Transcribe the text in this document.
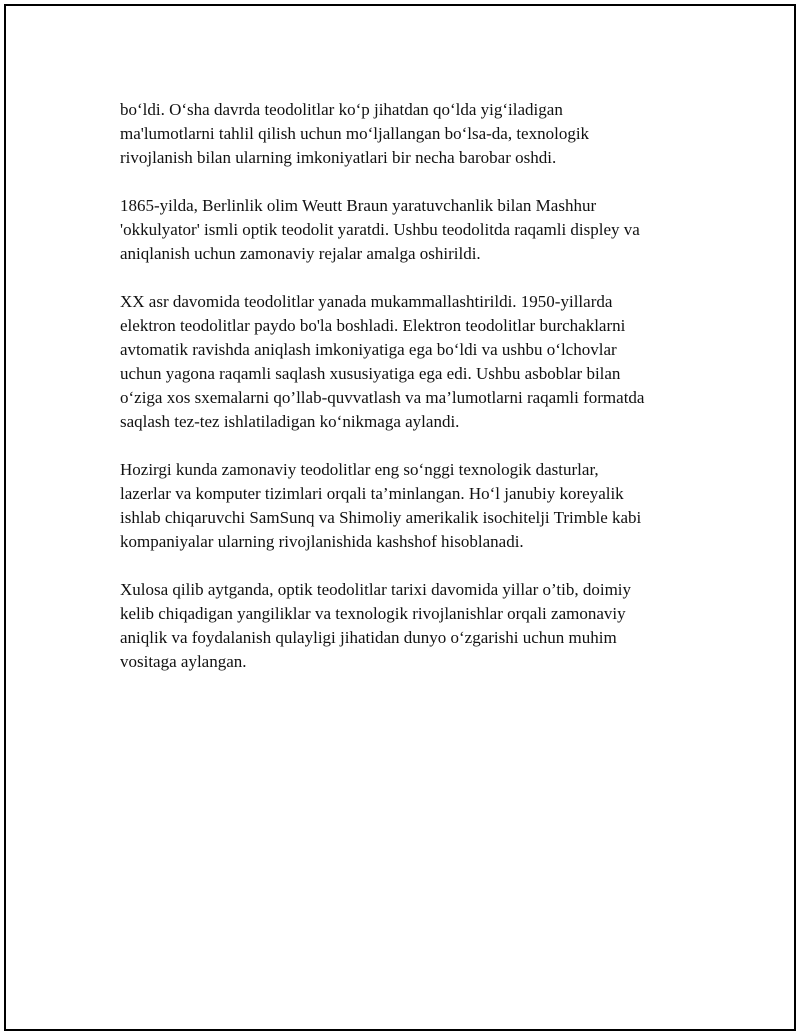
bo‘ldi. O‘sha davrda teodolitlar ko‘p jihatdan qo‘lda yig‘iladigan
ma'lumotlarni tahlil qilish uchun mo‘ljallangan bo‘lsa-da, texnologik
rivojlanish bilan ularning imkoniyatlari bir necha barobar oshdi.

1865-yilda, Berlinlik olim Weutt Braun yaratuvchanlik bilan Mashhur
'okkulyator' ismli optik teodolit yaratdi. Ushbu teodolitda raqamli displey va
aniqlanish uchun zamonaviy rejalar amalga oshirildi.

XX asr davomida teodolitlar yanada mukammallashtirildi. 1950-yillarda
elektron teodolitlar paydo bo'la boshladi. Elektron teodolitlar burchaklarni
avtomatik ravishda aniqlash imkoniyatiga ega bo‘ldi va ushbu o‘lchovlar
uchun yagona raqamli saqlash xususiyatiga ega edi. Ushbu asboblar bilan
o‘ziga xos sxemalarni qo’llab-quvvatlash va ma’lumotlarni raqamli formatda
saqlash tez-tez ishlatiladigan ko‘nikmaga aylandi.

Hozirgi kunda zamonaviy teodolitlar eng so‘nggi texnologik dasturlar,
lazerlar va komputer tizimlari orqali ta’minlangan. Ho‘l janubiy koreyalik
ishlab chiqaruvchi SamSunq va Shimoliy amerikalik isochitelji Trimble kabi
kompaniyalar ularning rivojlanishida kashshof hisoblanadi.

Xulosa qilib aytganda, optik teodolitlar tarixi davomida yillar o’tib, doimiy
kelib chiqadigan yangiliklar va texnologik rivojlanishlar orqali zamonaviy
aniqlik va foydalanish qulayligi jihatidan dunyo o‘zgarishi uchun muhim
vositaga aylangan.
